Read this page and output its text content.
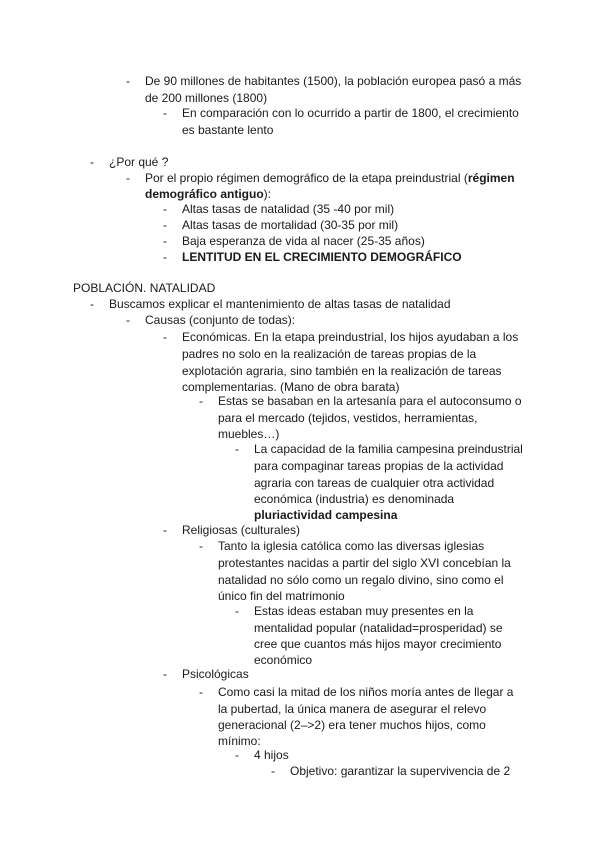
- De 90 millones de habitantes (1500), la población europea pasó a más
de 200 millones (1800)
- En comparación con lo ocurrido a partir de 1800, el crecimiento
es bastante lento
- ¿Por qué ?
- Por el propio régimen demográfico de la etapa preindustrial (régimen
demográfico antiguo):
- Altas tasas de natalidad (35 -40 por mil)
- Altas tasas de mortalidad (30-35 por mil)
- Baja esperanza de vida al nacer (25-35 años)
- LENTITUD EN EL CRECIMIENTO DEMOGRÁFICO
POBLACIÓN. NATALIDAD
- Buscamos explicar el mantenimiento de altas tasas de natalidad
- Causas (conjunto de todas):
- Económicas. En la etapa preindustrial, los hijos ayudaban a los
padres no solo en la realización de tareas propias de la
explotación agraria, sino también en la realización de tareas
complementarias. (Mano de obra barata)
- Estas se basaban en la artesanía para el autoconsumo o
para el mercado (tejidos, vestidos, herramientas,
muebles…)
- La capacidad de la familia campesina preindustrial
para compaginar tareas propias de la actividad
agraria con tareas de cualquier otra actividad
económica (industria) es denominada
pluriactividad campesina
- Religiosas (culturales)
- Tanto la iglesia católica como las diversas iglesias
protestantes nacidas a partir del siglo XVI concebían la
natalidad no sólo como un regalo divino, sino como el
único fin del matrimonio
- Estas ideas estaban muy presentes en la
mentalidad popular (natalidad=prosperidad) se
cree que cuantos más hijos mayor crecimiento
económico
- Psicológicas
- Como casi la mitad de los niños moría antes de llegar a
la pubertad, la única manera de asegurar el relevo
generacional (2–>2) era tener muchos hijos, como
mínimo:
- 4 hijos
- Objetivo: garantizar la supervivencia de 2
